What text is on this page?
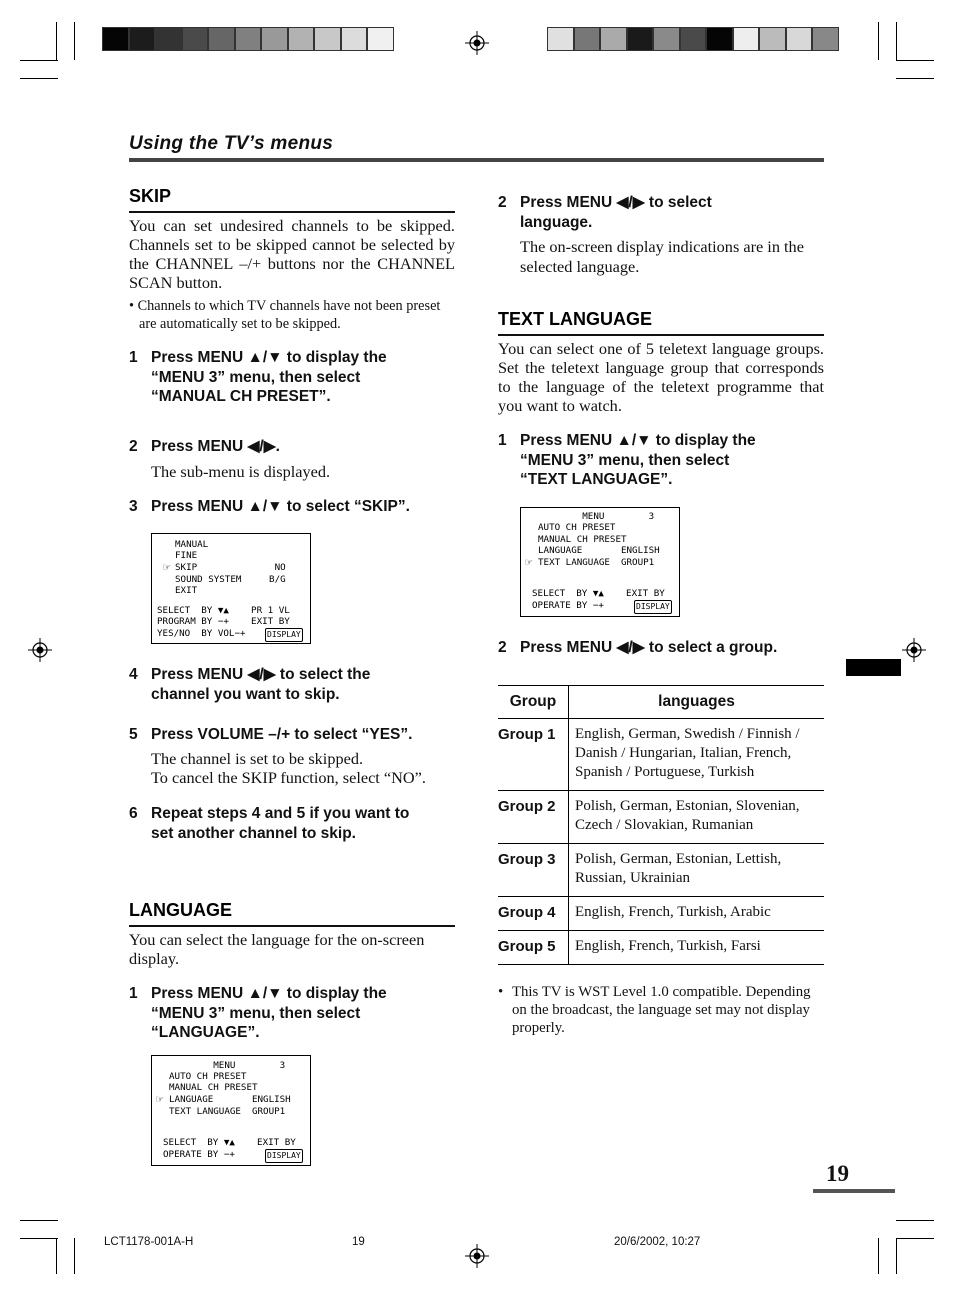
Using the TV’s menus
SKIP
You can set undesired channels to be skipped. Channels set to be skipped cannot be selected by the CHANNEL –/+ buttons nor the CHANNEL SCAN button.
• Channels to which TV channels have not been preset are automatically set to be skipped.
1 Press MENU ▲/▼ to display the
“MENU 3” menu, then select
“MANUAL CH PRESET”.
2 Press MENU ◀/▶.
The sub-menu is displayed.
3 Press MENU ▲/▼ to select “SKIP”.
MANUAL
FINE
☞ SKIP              NO
SOUND SYSTEM     B/G
EXIT
SELECT  BY ▼▲    PR 1 VL
PROGRAM BY −+    EXIT BY
YES/NO  BY VOL−+	DISPLAY
4 Press MENU ◀/▶ to select the
channel you want to skip.
5 Press VOLUME –/+ to select “YES”.
The channel is set to be skipped.
To cancel the SKIP function, select “NO”.
6 Repeat steps 4 and 5 if you want to
set another channel to skip.
LANGUAGE
You can select the language for the on-screen display.
1 Press MENU ▲/▼ to display the
“MENU 3” menu, then select
“LANGUAGE”.
MENU        3
AUTO CH PRESET
MANUAL CH PRESET
☞ LANGUAGE       ENGLISH
TEXT LANGUAGE  GROUP1
SELECT  BY ▼▲    EXIT BY
OPERATE BY −+	DISPLAY
2 Press MENU ◀/▶ to select
language.
The on-screen display indications are in the selected language.
TEXT LANGUAGE
You can select one of 5 teletext language groups. Set the teletext language group that corresponds to the language of the teletext programme that you want to watch.
1 Press MENU ▲/▼ to display the
“MENU 3” menu, then select
“TEXT LANGUAGE”.
MENU        3
AUTO CH PRESET
MANUAL CH PRESET
LANGUAGE       ENGLISH
☞ TEXT LANGUAGE  GROUP1
SELECT  BY ▼▲    EXIT BY
OPERATE BY −+	DISPLAY
2 Press MENU ◀/▶ to select a group.
Group	languages
Group 1	English, German, Swedish / Finnish / Danish / Hungarian, Italian, French, Spanish / Portuguese, Turkish
Group 2	Polish, German, Estonian, Slovenian, Czech / Slovakian, Rumanian
Group 3	Polish, German, Estonian, Lettish, Russian, Ukrainian
Group 4	English, French, Turkish, Arabic
Group 5	English, French, Turkish, Farsi
• This TV is WST Level 1.0 compatible. Depending on the broadcast, the language set may not display properly.
19
LCT1178-001A-H	19	20/6/2002, 10:27
